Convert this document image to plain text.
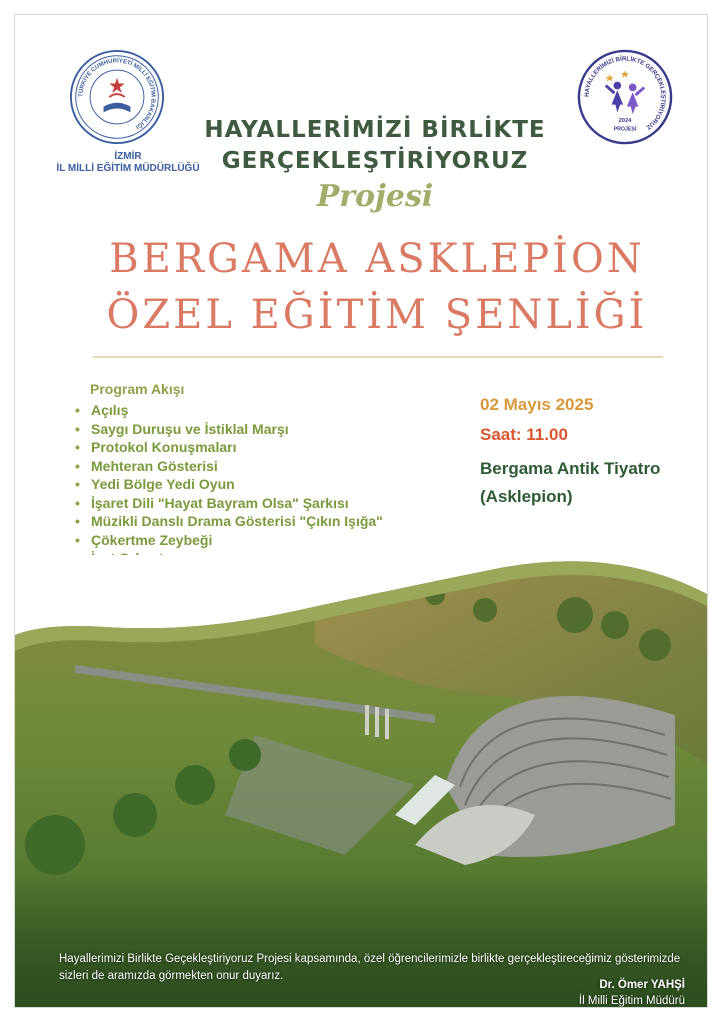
TÜRKİYE CUMHURİYETİ MİLLİ EĞİTİM BAKANLIĞI
İZMİR
İL MİLLİ EĞİTİM MÜDÜRLÜĞÜ
HAYALLERİMİZİ BİRLİKTE GERÇEKLEŞTİRİYORUZ
2024
PROJESİ
HAYALLERİMİZİ BİRLİKTE
GERÇEKLEŞTİRİYORUZ
Projesi
BERGAMA ASKLEPİON
ÖZEL EĞİTİM ŞENLİĞİ
Program Akışı
• Açılış
• Saygı Duruşu ve İstiklal Marşı
• Protokol Konuşmaları
• Mehteran Gösterisi
• Yedi Bölge Yedi Oyun
• İşaret Dili "Hayat Bayram Olsa" Şarkısı
• Müzikli Danslı Drama Gösterisi "Çıkın Işığa"
• Çökertme Zeybeği
•
•
•
•
02 Mayıs 2025
Saat: 11.00
Bergama Antik Tiyatro
(Asklepion)
Hayallerimizi Birlikte Geçekleştiriyoruz Projesi kapsamında, özel öğrencilerimizle birlikte gerçekleştireceğimiz gösterimizde sizleri de aramızda görmekten onur duyarız.
Dr. Ömer YAHŞİ
İl Milli Eğitim Müdürü
